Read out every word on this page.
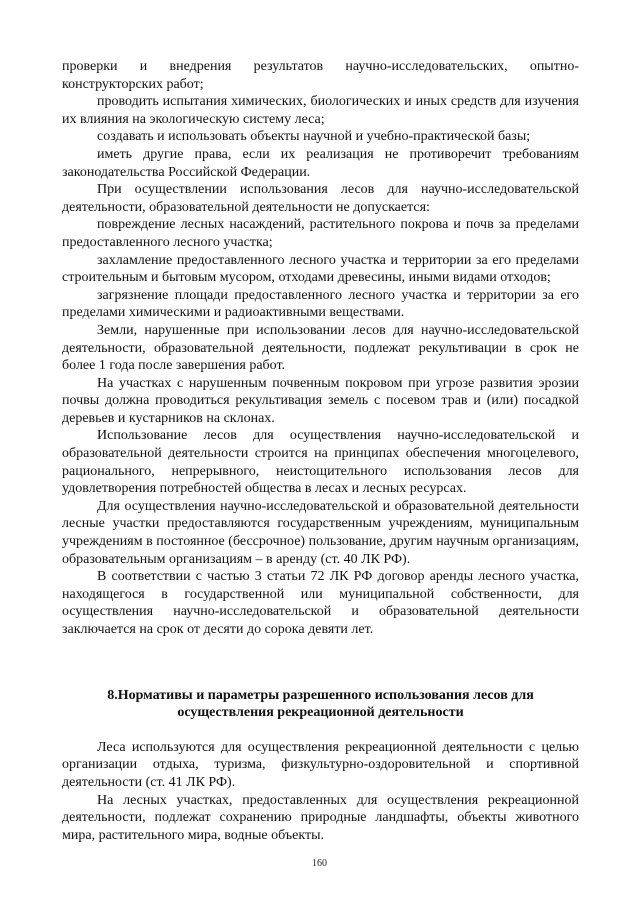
проверки и внедрения результатов научно-исследовательских, опытно-конструкторских работ;

проводить испытания химических, биологических и иных средств для изучения их влияния на экологическую систему леса;

создавать и использовать объекты научной и учебно-практической базы;

иметь другие права, если их реализация не противоречит требованиям законодательства Российской Федерации.

При осуществлении использования лесов для научно-исследовательской деятельности, образовательной деятельности не допускается:

повреждение лесных насаждений, растительного покрова и почв за пределами предоставленного лесного участка;

захламление предоставленного лесного участка и территории за его пределами строительным и бытовым мусором, отходами древесины, иными видами отходов;

загрязнение площади предоставленного лесного участка и территории за его пределами химическими и радиоактивными веществами.

Земли, нарушенные при использовании лесов для научно-исследовательской деятельности, образовательной деятельности, подлежат рекультивации в срок не более 1 года после завершения работ.

На участках с нарушенным почвенным покровом при угрозе развития эрозии почвы должна проводиться рекультивация земель с посевом трав и (или) посадкой деревьев и кустарников на склонах.

Использование лесов для осуществления научно-исследовательской и образовательной деятельности строится на принципах обеспечения многоцелевого, рационального, непрерывного, неистощительного использования лесов для удовлетворения потребностей общества в лесах и лесных ресурсах.

Для осуществления научно-исследовательской и образовательной деятельности лесные участки предоставляются государственным учреждениям, муниципальным учреждениям в постоянное (бессрочное) пользование, другим научным организациям, образовательным организациям – в аренду (ст. 40 ЛК РФ).

В соответствии с частью 3 статьи 72 ЛК РФ договор аренды лесного участка, находящегося в государственной или муниципальной собственности, для осуществления научно-исследовательской и образовательной деятельности заключается на срок от десяти до сорока девяти лет.

8.Нормативы и параметры разрешенного использования лесов для
осуществления рекреационной деятельности

Леса используются для осуществления рекреационной деятельности с целью организации отдыха, туризма, физкультурно-оздоровительной и спортивной деятельности (ст. 41 ЛК РФ).

На лесных участках, предоставленных для осуществления рекреационной деятельности, подлежат сохранению природные ландшафты, объекты животного мира, растительного мира, водные объекты.

160
